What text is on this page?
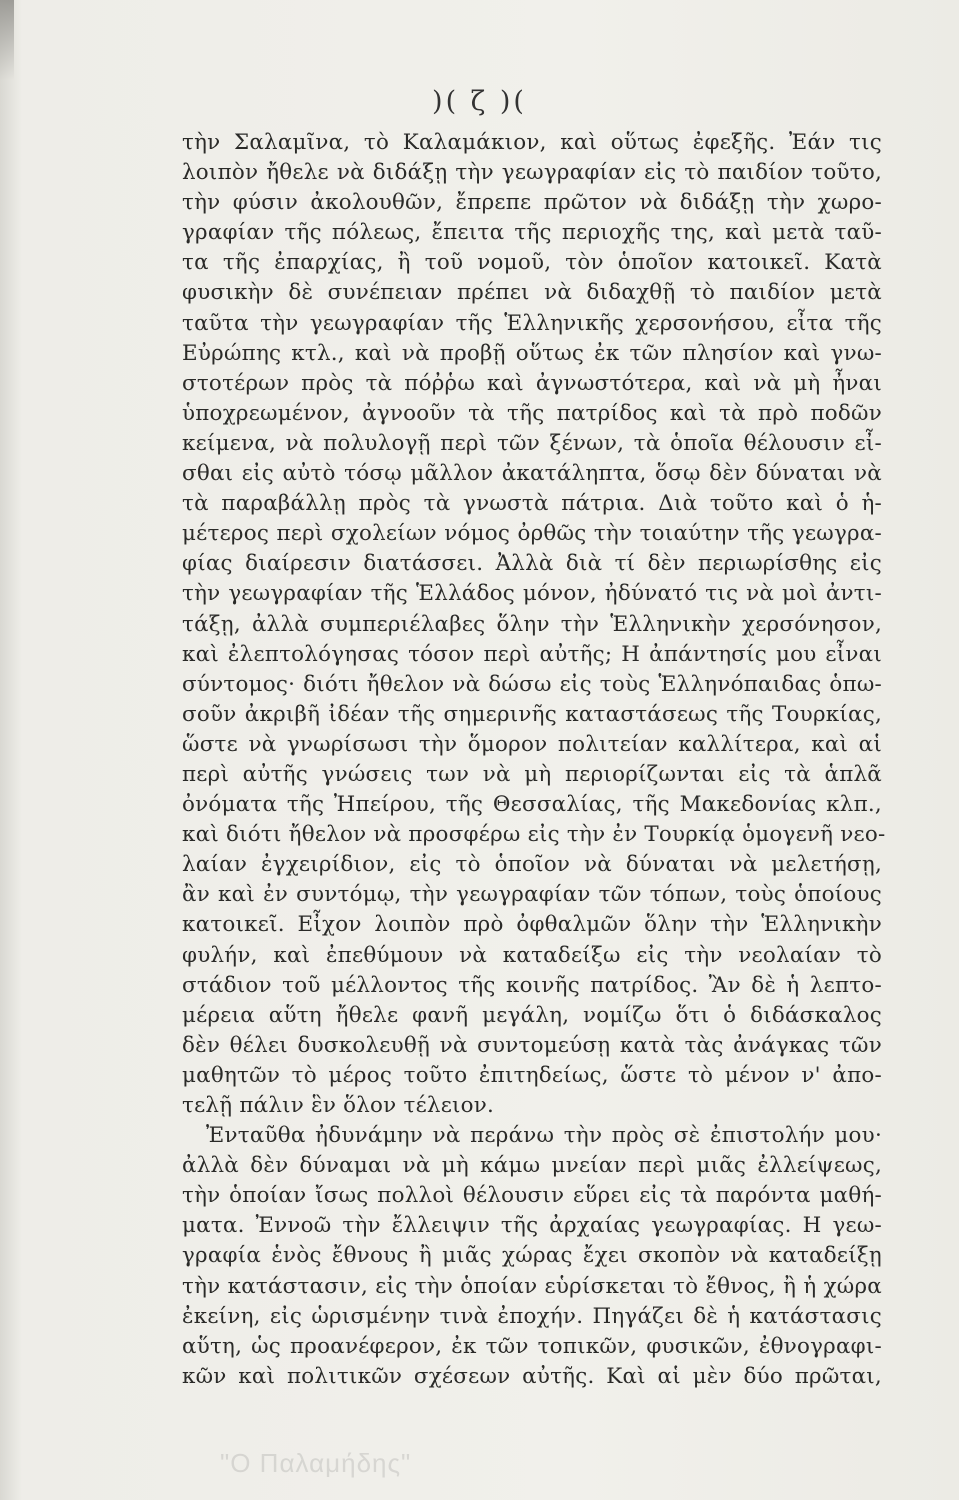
)( ζ )(
τὴν Σαλαμῖνα, τὸ Καλαμάκιον, καὶ οὕτως ἐφεξῆς. Ἐάν τις
λοιπὸν ἤθελε νὰ διδάξῃ τὴν γεωγραφίαν εἰς τὸ παιδίον τοῦτο,
τὴν φύσιν ἀκολουθῶν, ἔπρεπε πρῶτον νὰ διδάξῃ τὴν χωρο-
γραφίαν τῆς πόλεως, ἔπειτα τῆς περιοχῆς της, καὶ μετὰ ταῦ-
τα τῆς ἐπαρχίας, ἢ τοῦ νομοῦ, τὸν ὁποῖον κατοικεῖ. Κατὰ
φυσικὴν δὲ συνέπειαν πρέπει νὰ διδαχθῇ τὸ παιδίον μετὰ
ταῦτα τὴν γεωγραφίαν τῆς Ἑλληνικῆς χερσονήσου, εἶτα τῆς
Εὐρώπης κτλ., καὶ νὰ προβῇ οὕτως ἐκ τῶν πλησίον καὶ γνω-
στοτέρων πρὸς τὰ πόῤῥω καὶ ἀγνωστότερα, καὶ νὰ μὴ ἦναι
ὑποχρεωμένον, ἀγνοοῦν τὰ τῆς πατρίδος καὶ τὰ πρὸ ποδῶν
κείμενα, νὰ πολυλογῇ περὶ τῶν ξένων, τὰ ὁποῖα θέλουσιν εἶ-
σθαι εἰς αὐτὸ τόσῳ μᾶλλον ἀκατάληπτα, ὅσῳ δὲν δύναται νὰ
τὰ παραβάλλῃ πρὸς τὰ γνωστὰ πάτρια. Διὰ τοῦτο καὶ ὁ ἡ-
μέτερος περὶ σχολείων νόμος ὀρθῶς τὴν τοιαύτην τῆς γεωγρα-
φίας διαίρεσιν διατάσσει. Ἀλλὰ διὰ τί δὲν περιωρίσθης εἰς
τὴν γεωγραφίαν τῆς Ἑλλάδος μόνον, ἠδύνατό τις νὰ μοὶ ἀντι-
τάξῃ, ἀλλὰ συμπεριέλαβες ὅλην τὴν Ἑλληνικὴν χερσόνησον,
καὶ ἐλεπτολόγησας τόσον περὶ αὐτῆς; Η ἀπάντησίς μου εἶναι
σύντομος· διότι ἤθελον νὰ δώσω εἰς τοὺς Ἑλληνόπαιδας ὁπω-
σοῦν ἀκριβῆ ἰδέαν τῆς σημερινῆς καταστάσεως τῆς Τουρκίας,
ὥστε νὰ γνωρίσωσι τὴν ὅμορον πολιτείαν καλλίτερα, καὶ αἱ
περὶ αὐτῆς γνώσεις των νὰ μὴ περιορίζωνται εἰς τὰ ἁπλᾶ
ὀνόματα τῆς Ἠπείρου, τῆς Θεσσαλίας, τῆς Μακεδονίας κλπ.,
καὶ διότι ἤθελον νὰ προσφέρω εἰς τὴν ἐν Τουρκίᾳ ὁμογενῆ νεο-
λαίαν ἐγχειρίδιον, εἰς τὸ ὁποῖον νὰ δύναται νὰ μελετήσῃ,
ἂν καὶ ἐν συντόμῳ, τὴν γεωγραφίαν τῶν τόπων, τοὺς ὁποίους
κατοικεῖ. Εἶχον λοιπὸν πρὸ ὀφθαλμῶν ὅλην τὴν Ἑλληνικὴν
φυλήν, καὶ ἐπεθύμουν νὰ καταδείξω εἰς τὴν νεολαίαν τὸ
στάδιον τοῦ μέλλοντος τῆς κοινῆς πατρίδος. Ἂν δὲ ἡ λεπτο-
μέρεια αὕτη ἤθελε φανῆ μεγάλη, νομίζω ὅτι ὁ διδάσκαλος
δὲν θέλει δυσκολευθῇ νὰ συντομεύσῃ κατὰ τὰς ἀνάγκας τῶν
μαθητῶν τὸ μέρος τοῦτο ἐπιτηδείως, ὥστε τὸ μένον ν' ἀπο-
τελῇ πάλιν ἓν ὅλον τέλειον.
Ἐνταῦθα ἠδυνάμην νὰ περάνω τὴν πρὸς σὲ ἐπιστολήν μου·
ἀλλὰ δὲν δύναμαι νὰ μὴ κάμω μνείαν περὶ μιᾶς ἐλλείψεως,
τὴν ὁποίαν ἴσως πολλοὶ θέλουσιν εὕρει εἰς τὰ παρόντα μαθή-
ματα. Ἐννοῶ τὴν ἔλλειψιν τῆς ἀρχαίας γεωγραφίας. Η γεω-
γραφία ἑνὸς ἔθνους ἢ μιᾶς χώρας ἔχει σκοπὸν νὰ καταδείξῃ
τὴν κατάστασιν, εἰς τὴν ὁποίαν εὑρίσκεται τὸ ἔθνος, ἢ ἡ χώρα
ἐκείνη, εἰς ὡρισμένην τινὰ ἐποχήν. Πηγάζει δὲ ἡ κατάστασις
αὕτη, ὡς προανέφερον, ἐκ τῶν τοπικῶν, φυσικῶν, ἐθνογραφι-
κῶν καὶ πολιτικῶν σχέσεων αὐτῆς. Καὶ αἱ μὲν δύο πρῶται,
"Ο Παλαμήδης"
